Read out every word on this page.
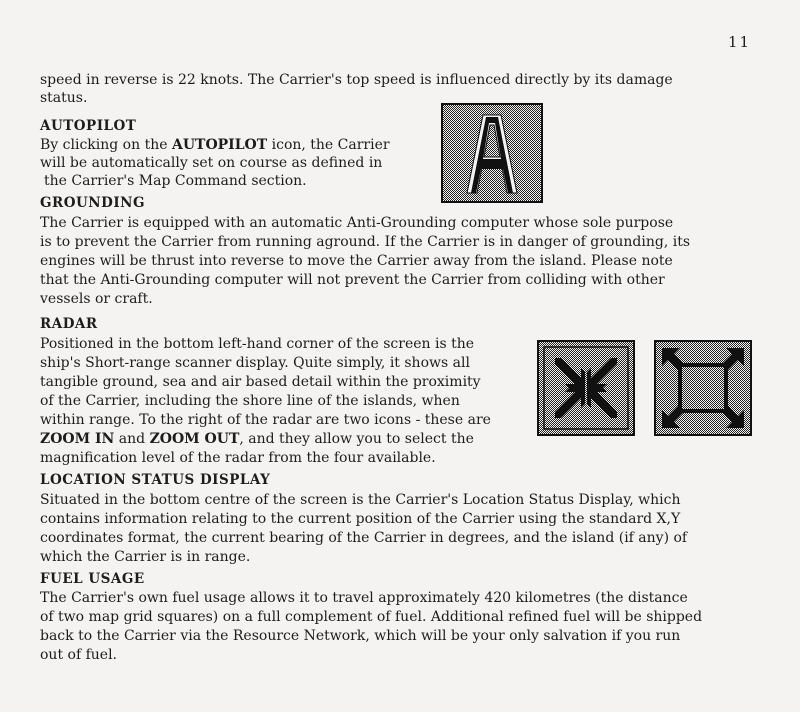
11
speed in reverse is 22 knots. The Carrier's top speed is influenced directly by its damage
status.
AUTOPILOT
By clicking on the AUTOPILOT icon, the Carrier
will be automatically set on course as defined in
the Carrier's Map Command section.
GROUNDING
The Carrier is equipped with an automatic Anti-Grounding computer whose sole purpose
is to prevent the Carrier from running aground. If the Carrier is in danger of grounding, its
engines will be thrust into reverse to move the Carrier away from the island. Please note
that the Anti-Grounding computer will not prevent the Carrier from colliding with other
vessels or craft.
RADAR
Positioned in the bottom left-hand corner of the screen is the
ship's Short-range scanner display. Quite simply, it shows all
tangible ground, sea and air based detail within the proximity
of the Carrier, including the shore line of the islands, when
within range. To the right of the radar are two icons - these are
ZOOM IN and ZOOM OUT, and they allow you to select the
magnification level of the radar from the four available.
LOCATION STATUS DISPLAY
Situated in the bottom centre of the screen is the Carrier's Location Status Display, which
contains information relating to the current position of the Carrier using the standard X,Y
coordinates format, the current bearing of the Carrier in degrees, and the island (if any) of
which the Carrier is in range.
FUEL USAGE
The Carrier's own fuel usage allows it to travel approximately 420 kilometres (the distance
of two map grid squares) on a full complement of fuel. Additional refined fuel will be shipped
back to the Carrier via the Resource Network, which will be your only salvation if you run
out of fuel.
